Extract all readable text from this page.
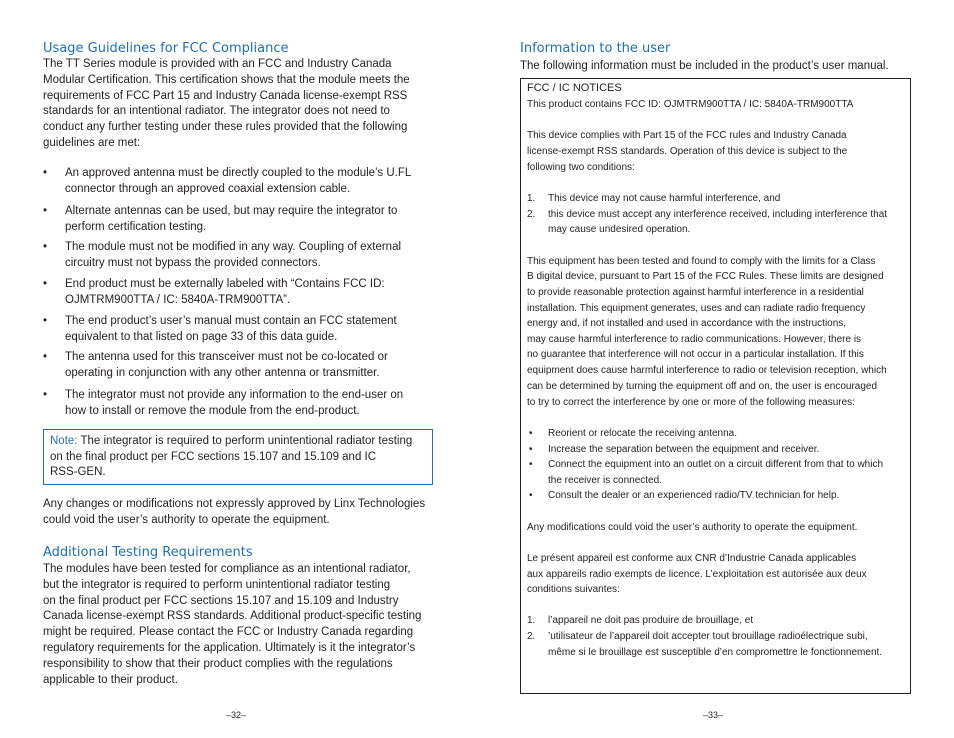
Usage Guidelines for FCC Compliance
The TT Series module is provided with an FCC and Industry Canada
Modular Certification. This certification shows that the module meets the
requirements of FCC Part 15 and Industry Canada license-exempt RSS
standards for an intentional radiator. The integrator does not need to
conduct any further testing under these rules provided that the following
guidelines are met:
• An approved antenna must be directly coupled to the module’s U.FL
connector through an approved coaxial extension cable.
• Alternate antennas can be used, but may require the integrator to
perform certification testing.
• The module must not be modified in any way. Coupling of external
circuitry must not bypass the provided connectors.
• End product must be externally labeled with “Contains FCC ID:
OJMTRM900TTA / IC: 5840A-TRM900TTA”.
• The end product’s user’s manual must contain an FCC statement
equivalent to that listed on page 33 of this data guide.
• The antenna used for this transceiver must not be co-located or
operating in conjunction with any other antenna or transmitter.
• The integrator must not provide any information to the end-user on
how to install or remove the module from the end-product.
Note: The integrator is required to perform unintentional radiator testing
on the final product per FCC sections 15.107 and 15.109 and IC
RSS-GEN.
Any changes or modifications not expressly approved by Linx Technologies
could void the user’s authority to operate the equipment.
Additional Testing Requirements
The modules have been tested for compliance as an intentional radiator,
but the integrator is required to perform unintentional radiator testing
on the final product per FCC sections 15.107 and 15.109 and Industry
Canada license-exempt RSS standards. Additional product-specific testing
might be required. Please contact the FCC or Industry Canada regarding
regulatory requirements for the application. Ultimately is it the integrator’s
responsibility to show that their product complies with the regulations
applicable to their product.
–32–
Information to the user
The following information must be included in the product’s user manual.
FCC / IC NOTICES
This product contains FCC ID: OJMTRM900TTA / IC: 5840A-TRM900TTA
This device complies with Part 15 of the FCC rules and Industry Canada
license-exempt RSS standards. Operation of this device is subject to the
following two conditions:
1. This device may not cause harmful interference, and
2. this device must accept any interference received, including interference that
may cause undesired operation.
This equipment has been tested and found to comply with the limits for a Class
B digital device, pursuant to Part 15 of the FCC Rules. These limits are designed
to provide reasonable protection against harmful interference in a residential
installation. This equipment generates, uses and can radiate radio frequency
energy and, if not installed and used in accordance with the instructions,
may cause harmful interference to radio communications. However, there is
no guarantee that interference will not occur in a particular installation. If this
equipment does cause harmful interference to radio or television reception, which
can be determined by turning the equipment off and on, the user is encouraged
to try to correct the interference by one or more of the following measures:
• Reorient or relocate the receiving antenna.
• Increase the separation between the equipment and receiver.
• Connect the equipment into an outlet on a circuit different from that to which
the receiver is connected.
• Consult the dealer or an experienced radio/TV technician for help.
Any modifications could void the user’s authority to operate the equipment.
Le présent appareil est conforme aux CNR d’Industrie Canada applicables
aux appareils radio exempts de licence. L’exploitation est autorisée aux deux
conditions suivantes:
1. l’appareil ne doit pas produire de brouillage, et
2. ’utilisateur de l’appareil doit accepter tout brouillage radioélectrique subi,
même si le brouillage est susceptible d’en compromettre le fonctionnement.
–33–
